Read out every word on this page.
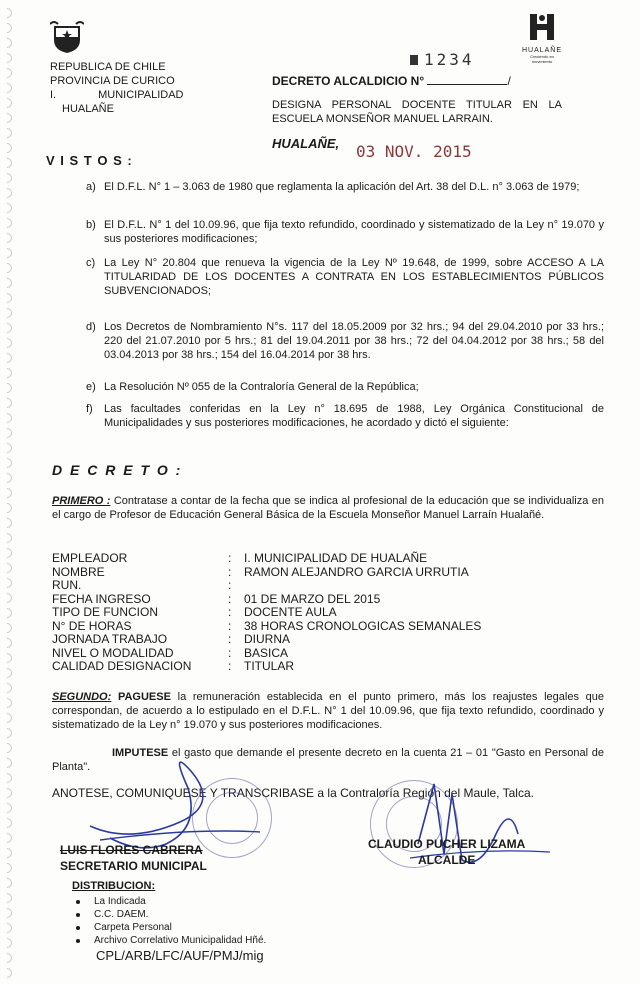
REPUBLICA DE CHILE
PROVINCIA DE CURICO
I.	MUNICIPALIDAD
HUALAÑE
HUALAÑE
Creciendo en movimiento
1234
DECRETO ALCALDICIO N°	/
DESIGNA PERSONAL DOCENTE TITULAR EN LA ESCUELA MONSEÑOR MANUEL LARRAIN.
HUALAÑE, 03 NOV. 2015
V I S T O S :
a) El D.F.L. N° 1 – 3.063 de 1980 que reglamenta la aplicación del Art. 38 del D.L. n° 3.063 de 1979;
b) El D.F.L. N° 1 del 10.09.96, que fija texto refundido, coordinado y sistematizado de la Ley n° 19.070 y sus posteriores modificaciones;
c) La Ley N° 20.804 que renueva la vigencia de la Ley Nº 19.648, de 1999, sobre ACCESO A LA TITULARIDAD DE LOS DOCENTES A CONTRATA EN LOS ESTABLECIMIENTOS PÚBLICOS SUBVENCIONADOS;
d) Los Decretos de Nombramiento N°s. 117 del 18.05.2009 por 32 hrs.; 94 del 29.04.2010 por 33 hrs.; 220 del 21.07.2010 por 5 hrs.; 81 del 19.04.2011 por 38 hrs.; 72 del 04.04.2012 por 38 hrs.; 58 del 03.04.2013 por 38 hrs.; 154 del 16.04.2014 por 38 hrs.
e) La Resolución Nº 055 de la Contraloría General de la República;
f) Las facultades conferidas en la Ley n° 18.695 de 1988, Ley Orgánica Constitucional de Municipalidades y sus posteriores modificaciones, he acordado y dictó el siguiente:
D E C R E T O :
PRIMERO : Contratase a contar de la fecha que se indica al profesional de la educación que se individualiza en el cargo de Profesor de Educación General Básica de la Escuela Monseñor Manuel Larraín Hualañé.
EMPLEADOR	: I. MUNICIPALIDAD DE HUALAÑE
NOMBRE	: RAMON ALEJANDRO GARCIA URRUTIA
RUN.	:
FECHA INGRESO	: 01 DE MARZO DEL 2015
TIPO DE FUNCION	: DOCENTE AULA
N° DE HORAS	: 38 HORAS CRONOLOGICAS SEMANALES
JORNADA TRABAJO	: DIURNA
NIVEL O MODALIDAD	: BASICA
CALIDAD DESIGNACION	: TITULAR
SEGUNDO: PAGUESE la remuneración establecida en el punto primero, más los reajustes legales que correspondan, de acuerdo a lo estipulado en el D.F.L. N° 1 del 10.09.96, que fija texto refundido, coordinado y sistematizado de la Ley n° 19.070 y sus posteriores modificaciones.
IMPUTESE el gasto que demande el presente decreto en la cuenta 21 – 01 "Gasto en Personal de Planta".
ANOTESE, COMUNIQUESE Y TRANSCRIBASE a la Contraloría Región del Maule, Talca.
LUIS FLORES CABRERA
SECRETARIO MUNICIPAL
CLAUDIO PUCHER LIZAMA
ALCALDE
DISTRIBUCION:
La Indicada
C.C. DAEM.
Carpeta Personal
Archivo Correlativo Municipalidad Hñé.
CPL/ARB/LFC/AUF/PMJ/mig
